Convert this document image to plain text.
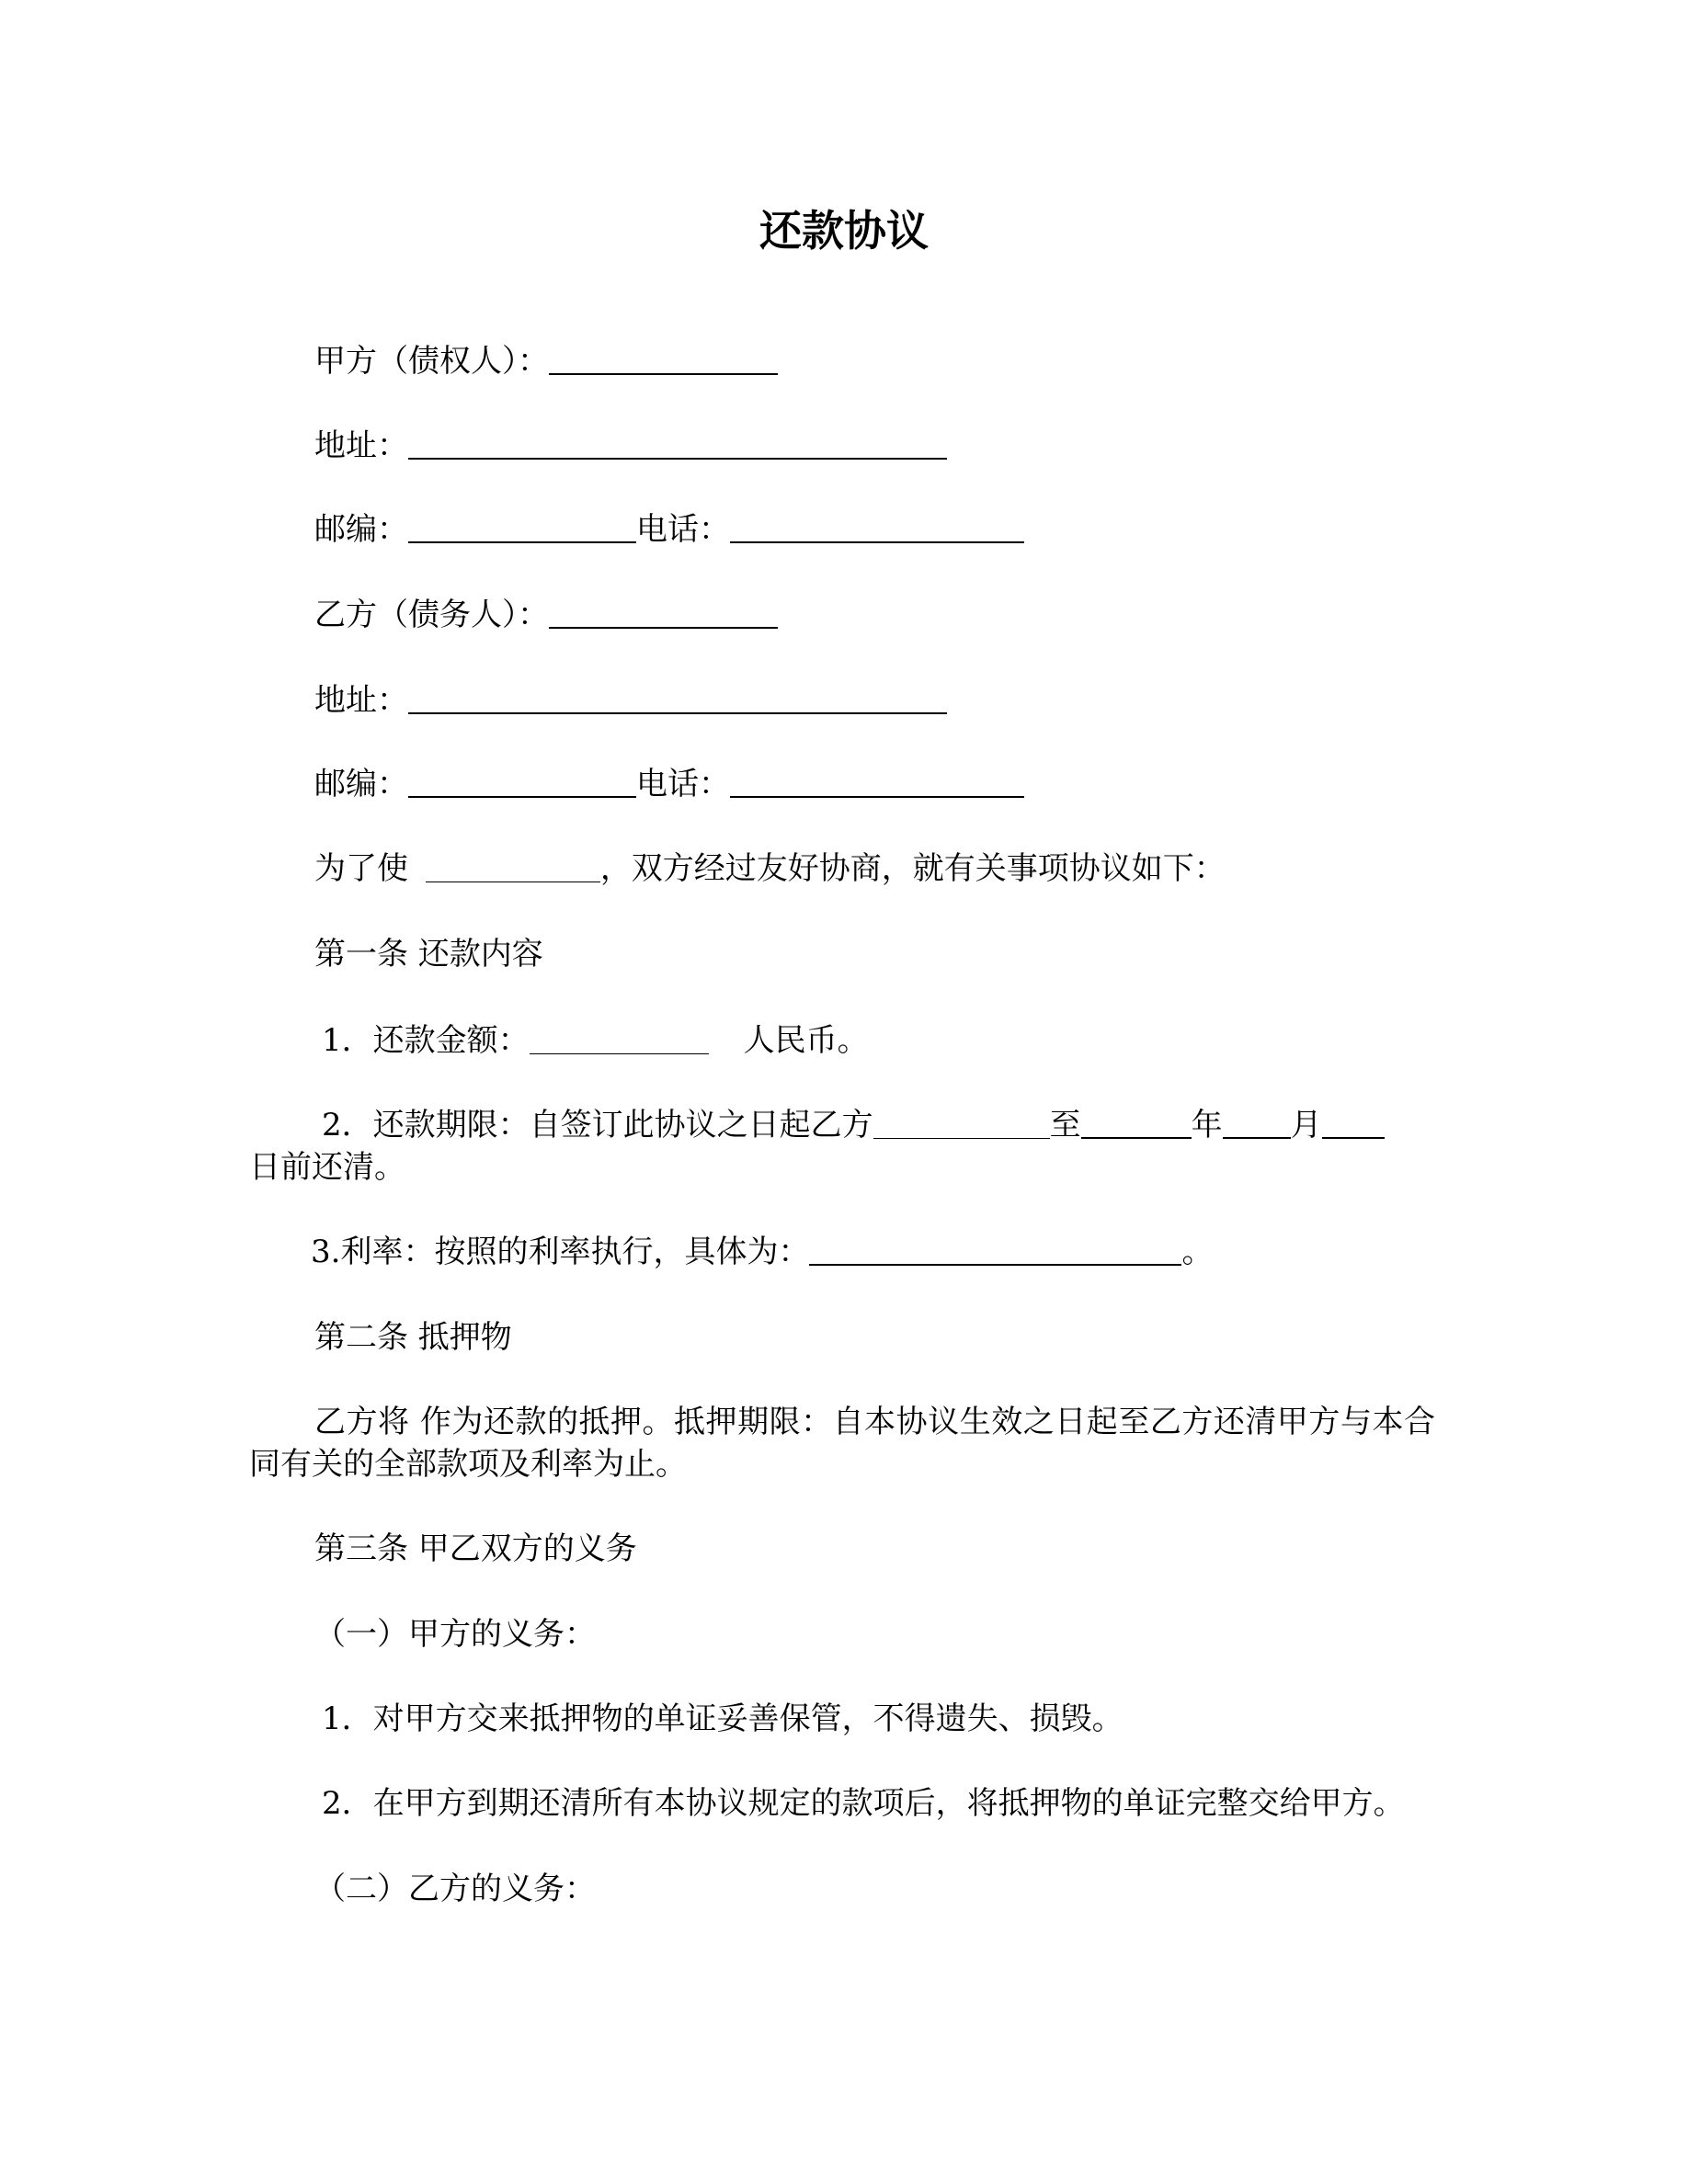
还款协议
甲方（债权人）：
地址：
邮编：	电话：
乙方（债务人）：
地址：
邮编：	电话：
为了使	，双方经过友好协商，就有关事项协议如下：
第一条 还款内容
1．还款金额：	人民币。
2．还款期限：自签订此协议之日起乙方	至	年 月
日前还清。
3.利率：按照的利率执行，具体为：	。
第二条 抵押物
乙方将 作为还款的抵押。抵押期限：自本协议生效之日起至乙方还清甲方与本合同有关的全部款项及利率为止。
第三条 甲乙双方的义务
（一）甲方的义务：
1．对甲方交来抵押物的单证妥善保管，不得遗失、损毁。
2．在甲方到期还清所有本协议规定的款项后，将抵押物的单证完整交给甲方。
（二）乙方的义务：
